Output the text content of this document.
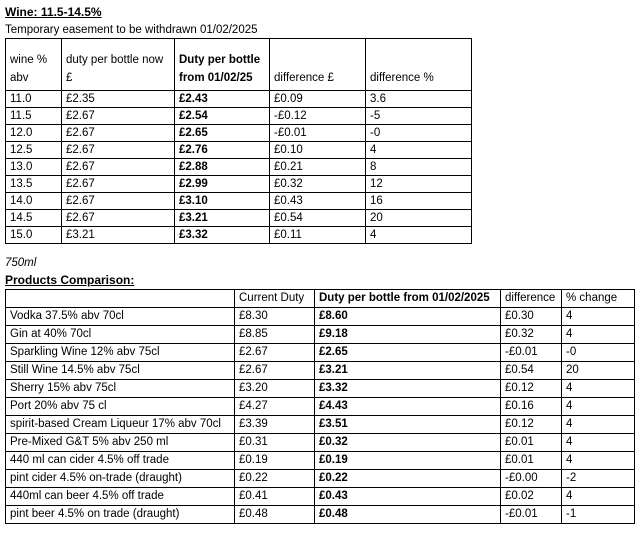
Wine: 11.5-14.5%
Temporary easement to be withdrawn 01/02/2025
wine % abv	duty per bottle now £	Duty per bottle from 01/02/25	difference £	difference %
11.0	£2.35	£2.43	£0.09	3.6
11.5	£2.67	£2.54	-£0.12	-5
12.0	£2.67	£2.65	-£0.01	-0
12.5	£2.67	£2.76	£0.10	4
13.0	£2.67	£2.88	£0.21	8
13.5	£2.67	£2.99	£0.32	12
14.0	£2.67	£3.10	£0.43	16
14.5	£2.67	£3.21	£0.54	20
15.0	£3.21	£3.32	£0.11	4
750ml
Products Comparison:
	Current Duty	Duty per bottle from 01/02/2025	difference	% change
Vodka 37.5% abv 70cl	£8.30	£8.60	£0.30	4
Gin at 40% 70cl	£8.85	£9.18	£0.32	4
Sparkling Wine 12% abv 75cl	£2.67	£2.65	-£0.01	-0
Still Wine 14.5% abv 75cl	£2.67	£3.21	£0.54	20
Sherry 15% abv 75cl	£3.20	£3.32	£0.12	4
Port 20% abv 75 cl	£4.27	£4.43	£0.16	4
spirit-based Cream Liqueur 17% abv 70cl	£3.39	£3.51	£0.12	4
Pre-Mixed G&T 5% abv 250 ml	£0.31	£0.32	£0.01	4
440 ml can cider 4.5% off trade	£0.19	£0.19	£0.01	4
pint cider 4.5% on-trade (draught)	£0.22	£0.22	-£0.00	-2
440ml can beer 4.5% off trade	£0.41	£0.43	£0.02	4
pint beer 4.5% on trade (draught)	£0.48	£0.48	-£0.01	-1
